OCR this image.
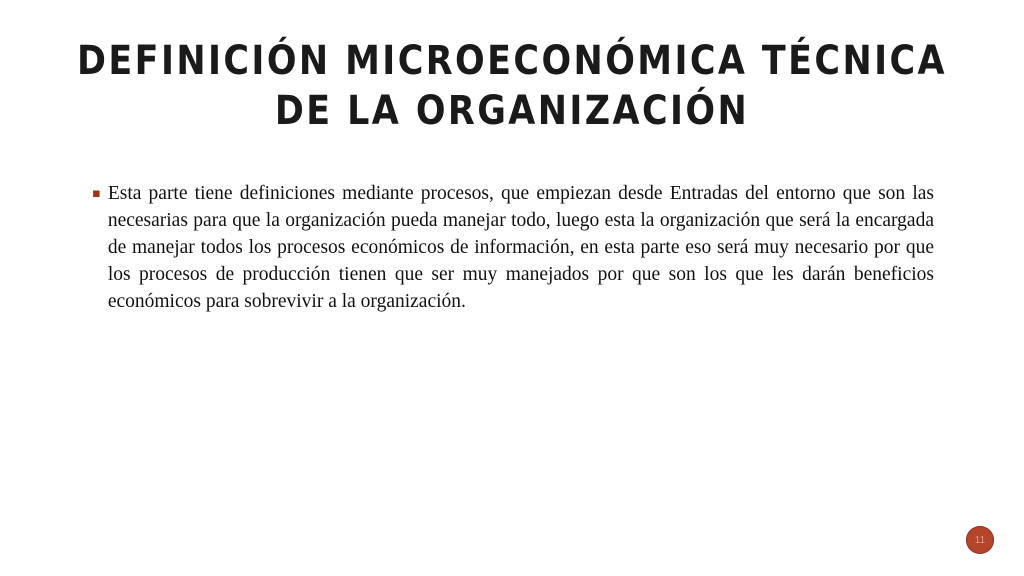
DEFINICIÓN MICROECONÓMICA TÉCNICA DE LA ORGANIZACIÓN
▪ Esta parte tiene definiciones mediante procesos, que empiezan desde Entradas del entorno que son las necesarias para que la organización pueda manejar todo, luego esta la organización que será la encargada de manejar todos los procesos económicos de información, en esta parte eso será muy necesario por que los procesos de producción tienen que ser muy manejados por que son los que les darán beneficios económicos para sobrevivir a la organización.
11
